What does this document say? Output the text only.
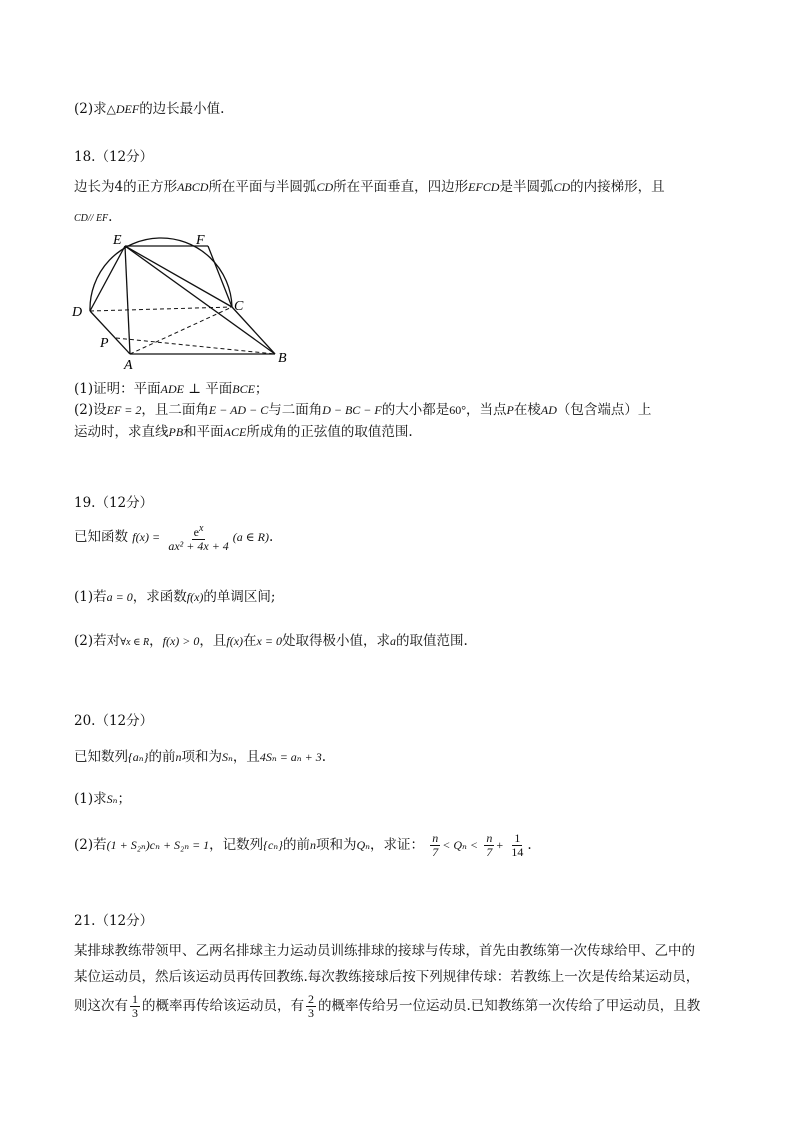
(2)求△DEF的边长最小值.
18.（12分）
边长为4的正方形ABCD所在平面与半圆弧CD所在平面垂直，四边形EFCD是半圆弧CD的内接梯形，且
CD// EF.
E	F
D	C
P
A	B
(1)证明：平面ADE ⊥ 平面BCE；
(2)设EF = 2，且二面角E − AD − C与二面角D − BC − F的大小都是60°，当点P在棱AD（包含端点）上
运动时，求直线PB和平面ACE所成角的正弦值的取值范围.
19.（12分）
已知函数 $f(x) = \frac{e^x}{\text{ax² + 4x + 4}} (a$ ∈ R).
(1)若a = 0，求函数f(x)的单调区间;
(2)若对∀x ∈ R，f(x) > 0，且f(x)在x = 0处取得极小值，求a的取值范围.
20.（12分）
已知数列{aₙ}的前n项和为Sₙ，且4Sₙ = aₙ + 3.
(1)求Sₙ；
(2)若(1 + S₂ₙ)cₙ + S₂ₙ = 1，记数列{cₙ}的前n项和为Qₙ，求证： $\frac{n}{7} < Q_n < \frac{n}{7} + \frac{1}{14}$ .
21.（12分）
某排球教练带领甲、乙两名排球主力运动员训练排球的接球与传球，首先由教练第一次传球给甲、乙中的
某位运动员，然后该运动员再传回教练.每次教练接球后按下列规律传球：若教练上一次是传给某运动员，
则这次有 $\frac{1}{3}$ 的概率再传给该运动员，有 $\frac{2}{3}$ 的概率传给另一位运动员.已知教练第一次传给了甲运动员，且教
